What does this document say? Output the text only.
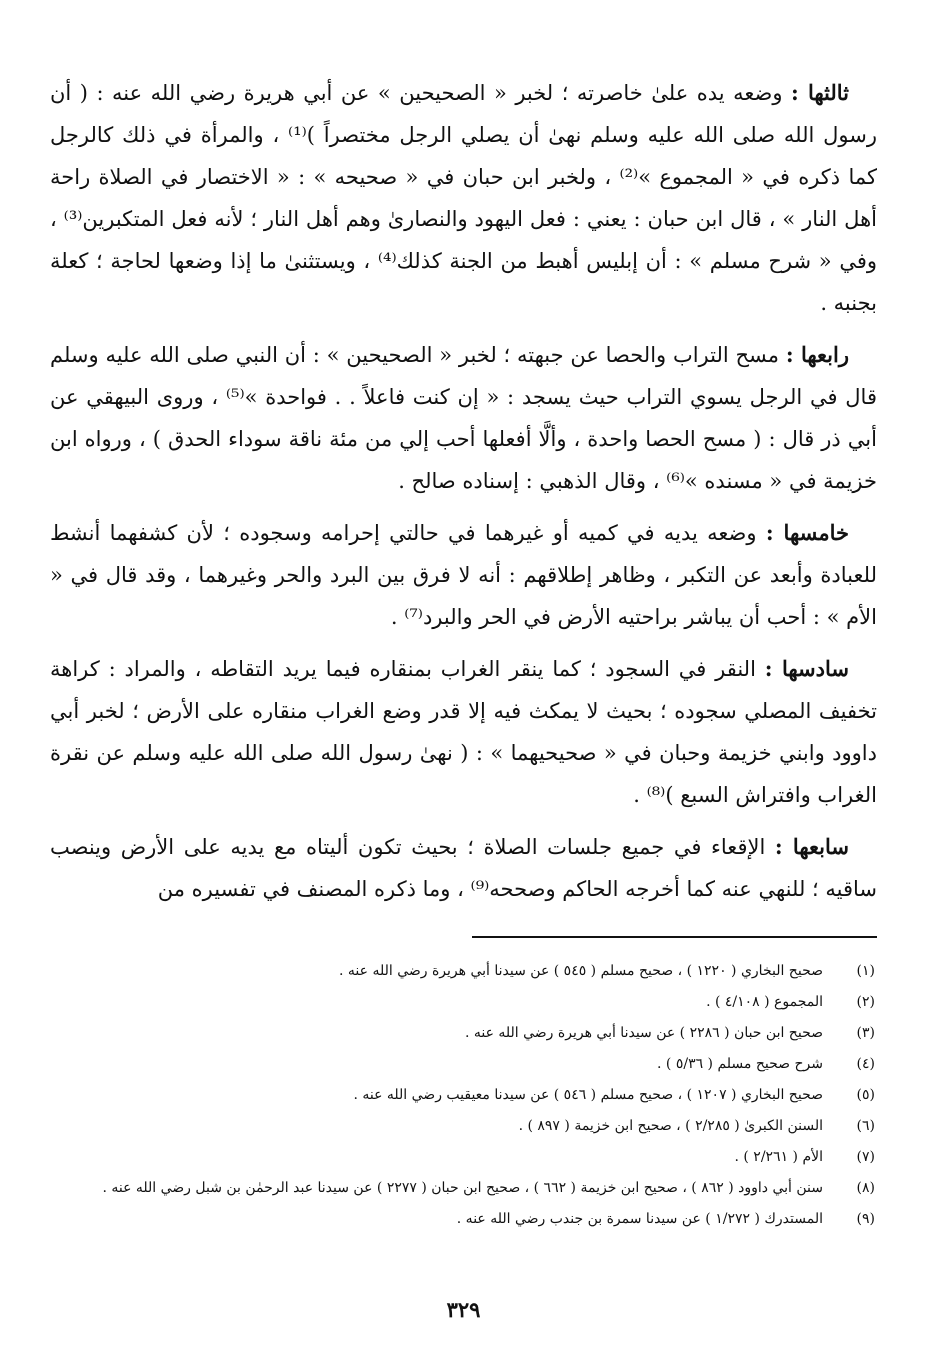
ثالثها : وضعه يده علىٰ خاصرته ؛ لخبر « الصحيحين » عن أبي هريرة رضي الله عنه : ( أن رسول الله صلى الله عليه وسلم نهىٰ أن يصلي الرجل مختصراً )⁽¹⁾ ، والمرأة في ذلك كالرجل كما ذكره في « المجموع »⁽²⁾ ، ولخبر ابن حبان في « صحيحه » : « الاختصار في الصلاة راحة أهل النار » ، قال ابن حبان : يعني : فعل اليهود والنصارىٰ وهم أهل النار ؛ لأنه فعل المتكبرين⁽³⁾ ، وفي « شرح مسلم » : أن إبليس أهبط من الجنة كذلك⁽⁴⁾ ، ويستثنىٰ ما إذا وضعها لحاجة ؛ كعلة بجنبه .

رابعها : مسح التراب والحصا عن جبهته ؛ لخبر « الصحيحين » : أن النبي صلى الله عليه وسلم قال في الرجل يسوي التراب حيث يسجد : « إن كنت فاعلاً . . فواحدة »⁽⁵⁾ ، وروى البيهقي عن أبي ذر قال : ( مسح الحصا واحدة ، وألَّا أفعلها أحب إلي من مئة ناقة سوداء الحدق ) ، ورواه ابن خزيمة في « مسنده »⁽⁶⁾ ، وقال الذهبي : إسناده صالح .

خامسها : وضعه يديه في كميه أو غيرهما في حالتي إحرامه وسجوده ؛ لأن كشفهما أنشط للعبادة وأبعد عن التكبر ، وظاهر إطلاقهم : أنه لا فرق بين البرد والحر وغيرهما ، وقد قال في « الأم » : أحب أن يباشر براحتيه الأرض في الحر والبرد⁽⁷⁾ .

سادسها : النقر في السجود ؛ كما ينقر الغراب بمنقاره فيما يريد التقاطه ، والمراد : كراهة تخفيف المصلي سجوده ؛ بحيث لا يمكث فيه إلا قدر وضع الغراب منقاره على الأرض ؛ لخبر أبي داوود وابني خزيمة وحبان في « صحيحيهما » : ( نهىٰ رسول الله صلى الله عليه وسلم عن نقرة الغراب وافتراش السبع )⁽⁸⁾ .

سابعها : الإقعاء في جميع جلسات الصلاة ؛ بحيث تكون أليتاه مع يديه على الأرض وينصب ساقيه ؛ للنهي عنه كما أخرجه الحاكم وصححه⁽⁹⁾ ، وما ذكره المصنف في تفسيره من

(١)
صحيح البخاري ( ١٢٢٠ ) ، صحيح مسلم ( ٥٤٥ ) عن سيدنا أبي هريرة رضي الله عنه .
(٢)
المجموع ( ٤/١٠٨ ) .
(٣)
صحيح ابن حبان ( ٢٢٨٦ ) عن سيدنا أبي هريرة رضي الله عنه .
(٤)
شرح صحيح مسلم ( ٥/٣٦ ) .
(٥)
صحيح البخاري ( ١٢٠٧ ) ، صحيح مسلم ( ٥٤٦ ) عن سيدنا معيقيب رضي الله عنه .
(٦)
السنن الكبرىٰ ( ٢/٢٨٥ ) ، صحيح ابن خزيمة ( ٨٩٧ ) .
(٧)
الأم ( ٢/٢٦١ ) .
(٨)
سنن أبي داوود ( ٨٦٢ ) ، صحيح ابن خزيمة ( ٦٦٢ ) ، صحيح ابن حبان ( ٢٢٧٧ ) عن سيدنا عبد الرحمٰن بن شبل رضي الله عنه .
(٩)
المستدرك ( ١/٢٧٢ ) عن سيدنا سمرة بن جندب رضي الله عنه .
٣٢٩
